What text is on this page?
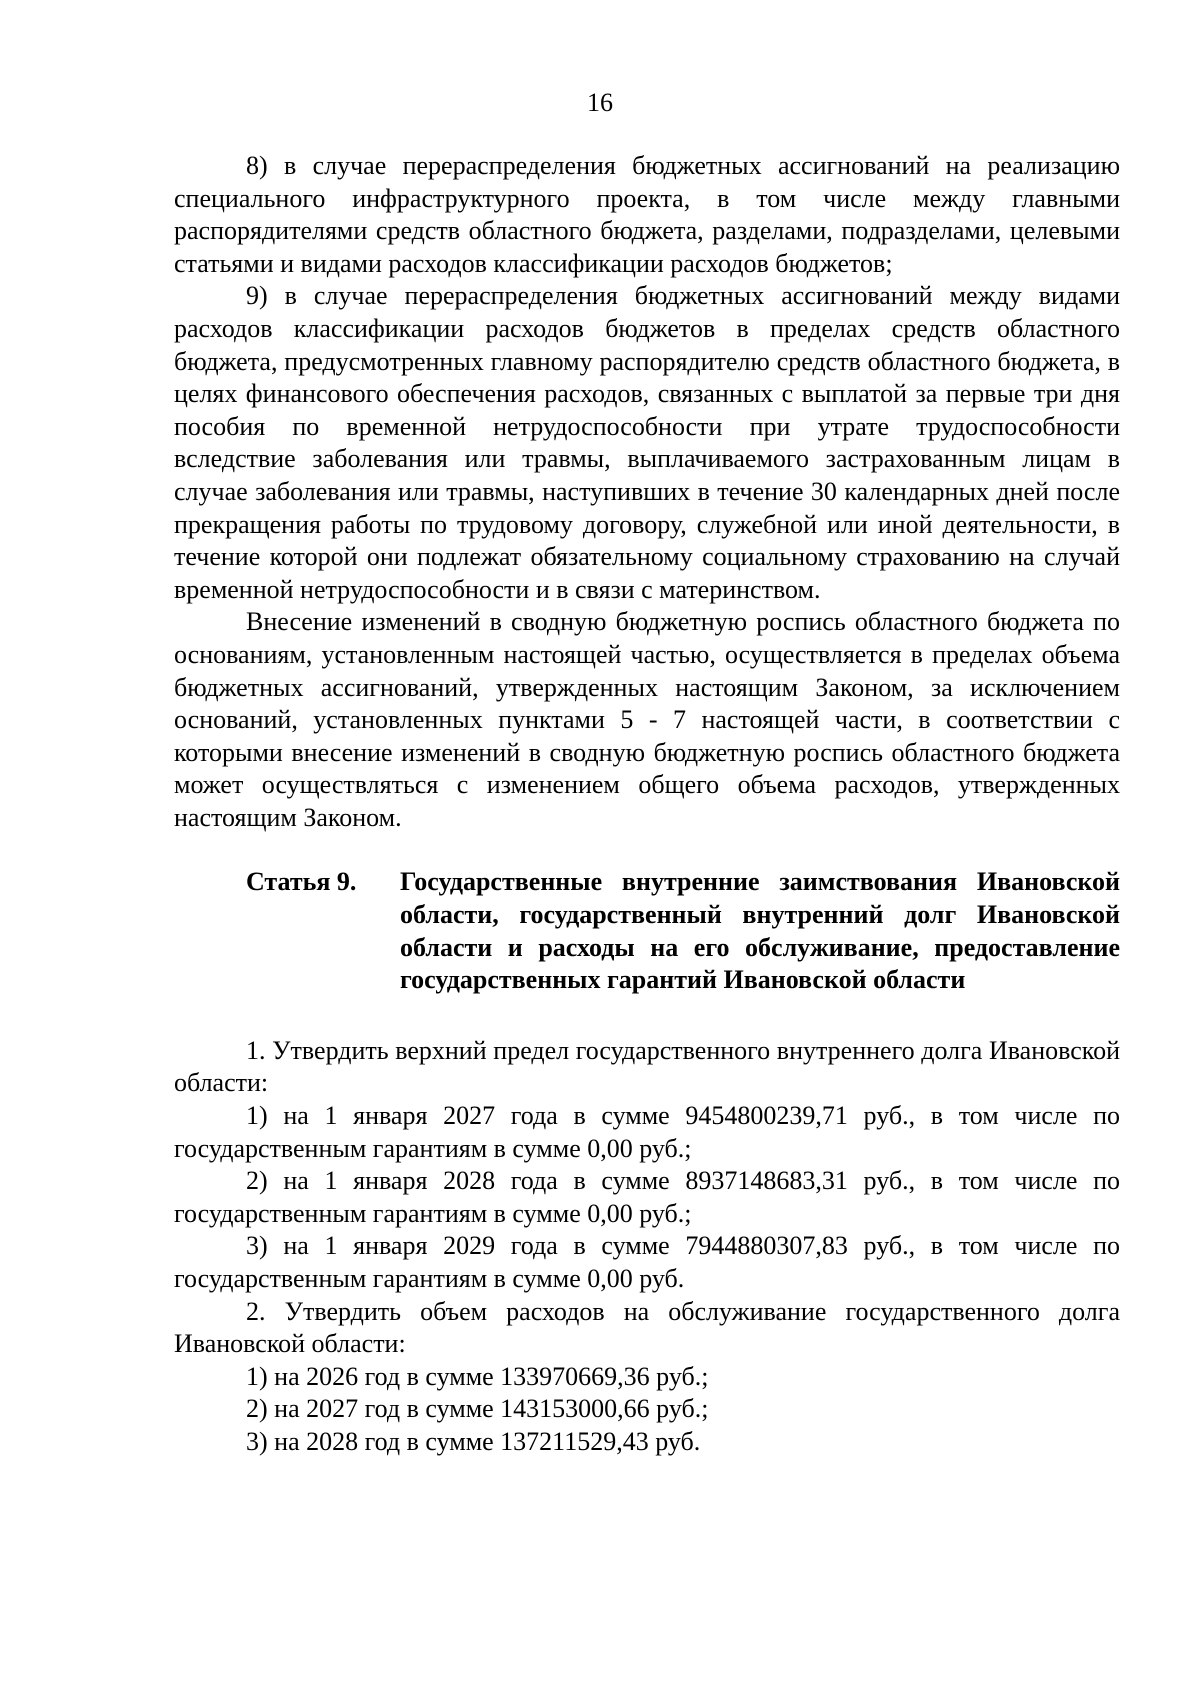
16

8) в случае перераспределения бюджетных ассигнований на реализацию специального инфраструктурного проекта, в том числе между главными распорядителями средств областного бюджета, разделами, подразделами, целевыми статьями и видами расходов классификации расходов бюджетов;

9) в случае перераспределения бюджетных ассигнований между видами расходов классификации расходов бюджетов в пределах средств областного бюджета, предусмотренных главному распорядителю средств областного бюджета, в целях финансового обеспечения расходов, связанных с выплатой за первые три дня пособия по временной нетрудоспособности при утрате трудоспособности вследствие заболевания или травмы, выплачиваемого застрахованным лицам в случае заболевания или травмы, наступивших в течение 30 календарных дней после прекращения работы по трудовому договору, служебной или иной деятельности, в течение которой они подлежат обязательному социальному страхованию на случай временной нетрудоспособности и в связи с материнством.

Внесение изменений в сводную бюджетную роспись областного бюджета по основаниям, установленным настоящей частью, осуществляется в пределах объема бюджетных ассигнований, утвержденных настоящим Законом, за исключением оснований, установленных пунктами 5 - 7 настоящей части, в соответствии с которыми внесение изменений в сводную бюджетную роспись областного бюджета может осуществляться с изменением общего объема расходов, утвержденных настоящим Законом.

Статья 9.	Государственные внутренние заимствования Ивановской области, государственный внутренний долг Ивановской области и расходы на его обслуживание, предоставление государственных гарантий Ивановской области

1. Утвердить верхний предел государственного внутреннего долга Ивановской области:

1) на 1 января 2027 года в сумме 9454800239,71 руб., в том числе по государственным гарантиям в сумме 0,00 руб.;

2) на 1 января 2028 года в сумме 8937148683,31 руб., в том числе по государственным гарантиям в сумме 0,00 руб.;

3) на 1 января 2029 года в сумме 7944880307,83 руб., в том числе по государственным гарантиям в сумме 0,00 руб.

2. Утвердить объем расходов на обслуживание государственного долга Ивановской области:

1) на 2026 год в сумме 133970669,36 руб.;

2) на 2027 год в сумме 143153000,66 руб.;

3) на 2028 год в сумме 137211529,43 руб.
